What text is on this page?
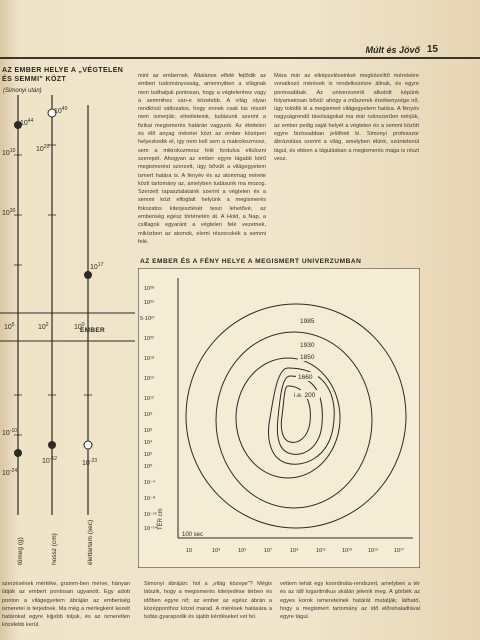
Múlt és Jövő 15
AZ EMBER HELYE A „VÉGTELEN ÉS SEMMI" KÖZT
(Simonyi után)
$10^{44}$
$10^{40}$
$10^{30}$
$10^{20}$
$10^{17}$
$10^{10}$
$10^5$	$10^2$	$10^0$
$10^{-10}$
$10^{-24}$
$10^{-12}$
$10^{-23}$
tömeg (g)	hossz (cm)	élettartam (sec)
EMBER
mint az embernek. Általános elfelé fejlődik az emberi tudományosság, amennyiben a világnak nem tudhatjuk pontosan, hogy a végtelenhez vagy a semmihez van-e közelebb. A világ olyan rendkívül változatos, hogy ennek csak kis részét nem ismerjük; elméleteink, tudásunk szerint a fizikai megismerés határán vagyunk. Az élettelen és élő anyag méretei közt az ember középen helyezkedik el, így nem kell sem a makrokozmosz, sem a mikrokozmosz felé fordulva eltúlozni szerepét. Ahogyan az ember egyre tágabb körű megismerést szerzett, úgy bővült a világegyetem ismert határa is. A fényév és az atommag mérete közti tartomány az, amelyben tudásunk ma mozog. Szerzett tapasztalataink szerint a végtelen és a semmi közt elfoglalt helyünk a megismerés fokozatos kiterjesztését teszi lehetővé, az emberiség egész történetén át. A Hold, a Nap, a csillagok egyaránt a végtelen felé vezetnek, miközben az atomok, elemi részecskék a semmi felé.
Mára már az elképzeléseinket megközelítő méretekre vonatkozó mérések is rendelkezésre állnak, és egyre pontosabbak. Az univerzumról alkotott képünk folyamatosan bővül: ahogy a műszerek érzékenysége nő, úgy tolódik ki a megismert világegyetem határa. A fényév nagyságrendű távolságokat ma már rutinszerűen mérjük, az ember pedig saját helyét a végtelen és a semmi között egyre biztosabban jelölheti ki. Simonyi professzor ábrázolása szerint a világ, amelyben élünk, szüntelenül tágul, és ebben a tágulásban a megismerés maga is részt vesz.
AZ EMBER ÉS A FÉNY HELYE A MEGISMERT UNIVERZUMBAN
1985
1930
1850
1660
i.e. 200
10²⁸
10²⁵
5·10²⁷
10²²
10¹⁸
10¹⁵
10¹²
10⁹
10⁶
10⁴
10²
10⁰
10⁻⁴
10⁻⁸
10⁻¹²
10⁻¹⁴ TÉR cm
100 sec
10	10³	10⁵	10⁷	10⁹	10¹¹	10¹³	10¹⁵	10¹⁷
szerzésének mértéke, gramm-ben mérve, hányan látják az embert pontosan ugyanott. Egy adott ponton a világegyetem ábráján az emberiség ismeretei is terjednek. Ma még a mérlegként kezelt határokat egyre kijjebb toljuk, és az ismeretlen közelebb kerül.
Simonyi ábráján: hol a „világ közepe"? Mégis látszik, hogy a megismerés kiterjedése térben és időben egyre nő; az ember az egész ábrán a középponthoz közel marad. A mérések hatására a tudás gyarapodik és újabb kérdéseket vet fel.
vettem tehát egy koordináta-rendszert, amelyben a tér és az idő logaritmikus skálán jelenik meg. A görbék az egyes korok ismereteinek határát mutatják; látható, hogy a megismert tartomány az idő előrehaladtával egyre tágul.
